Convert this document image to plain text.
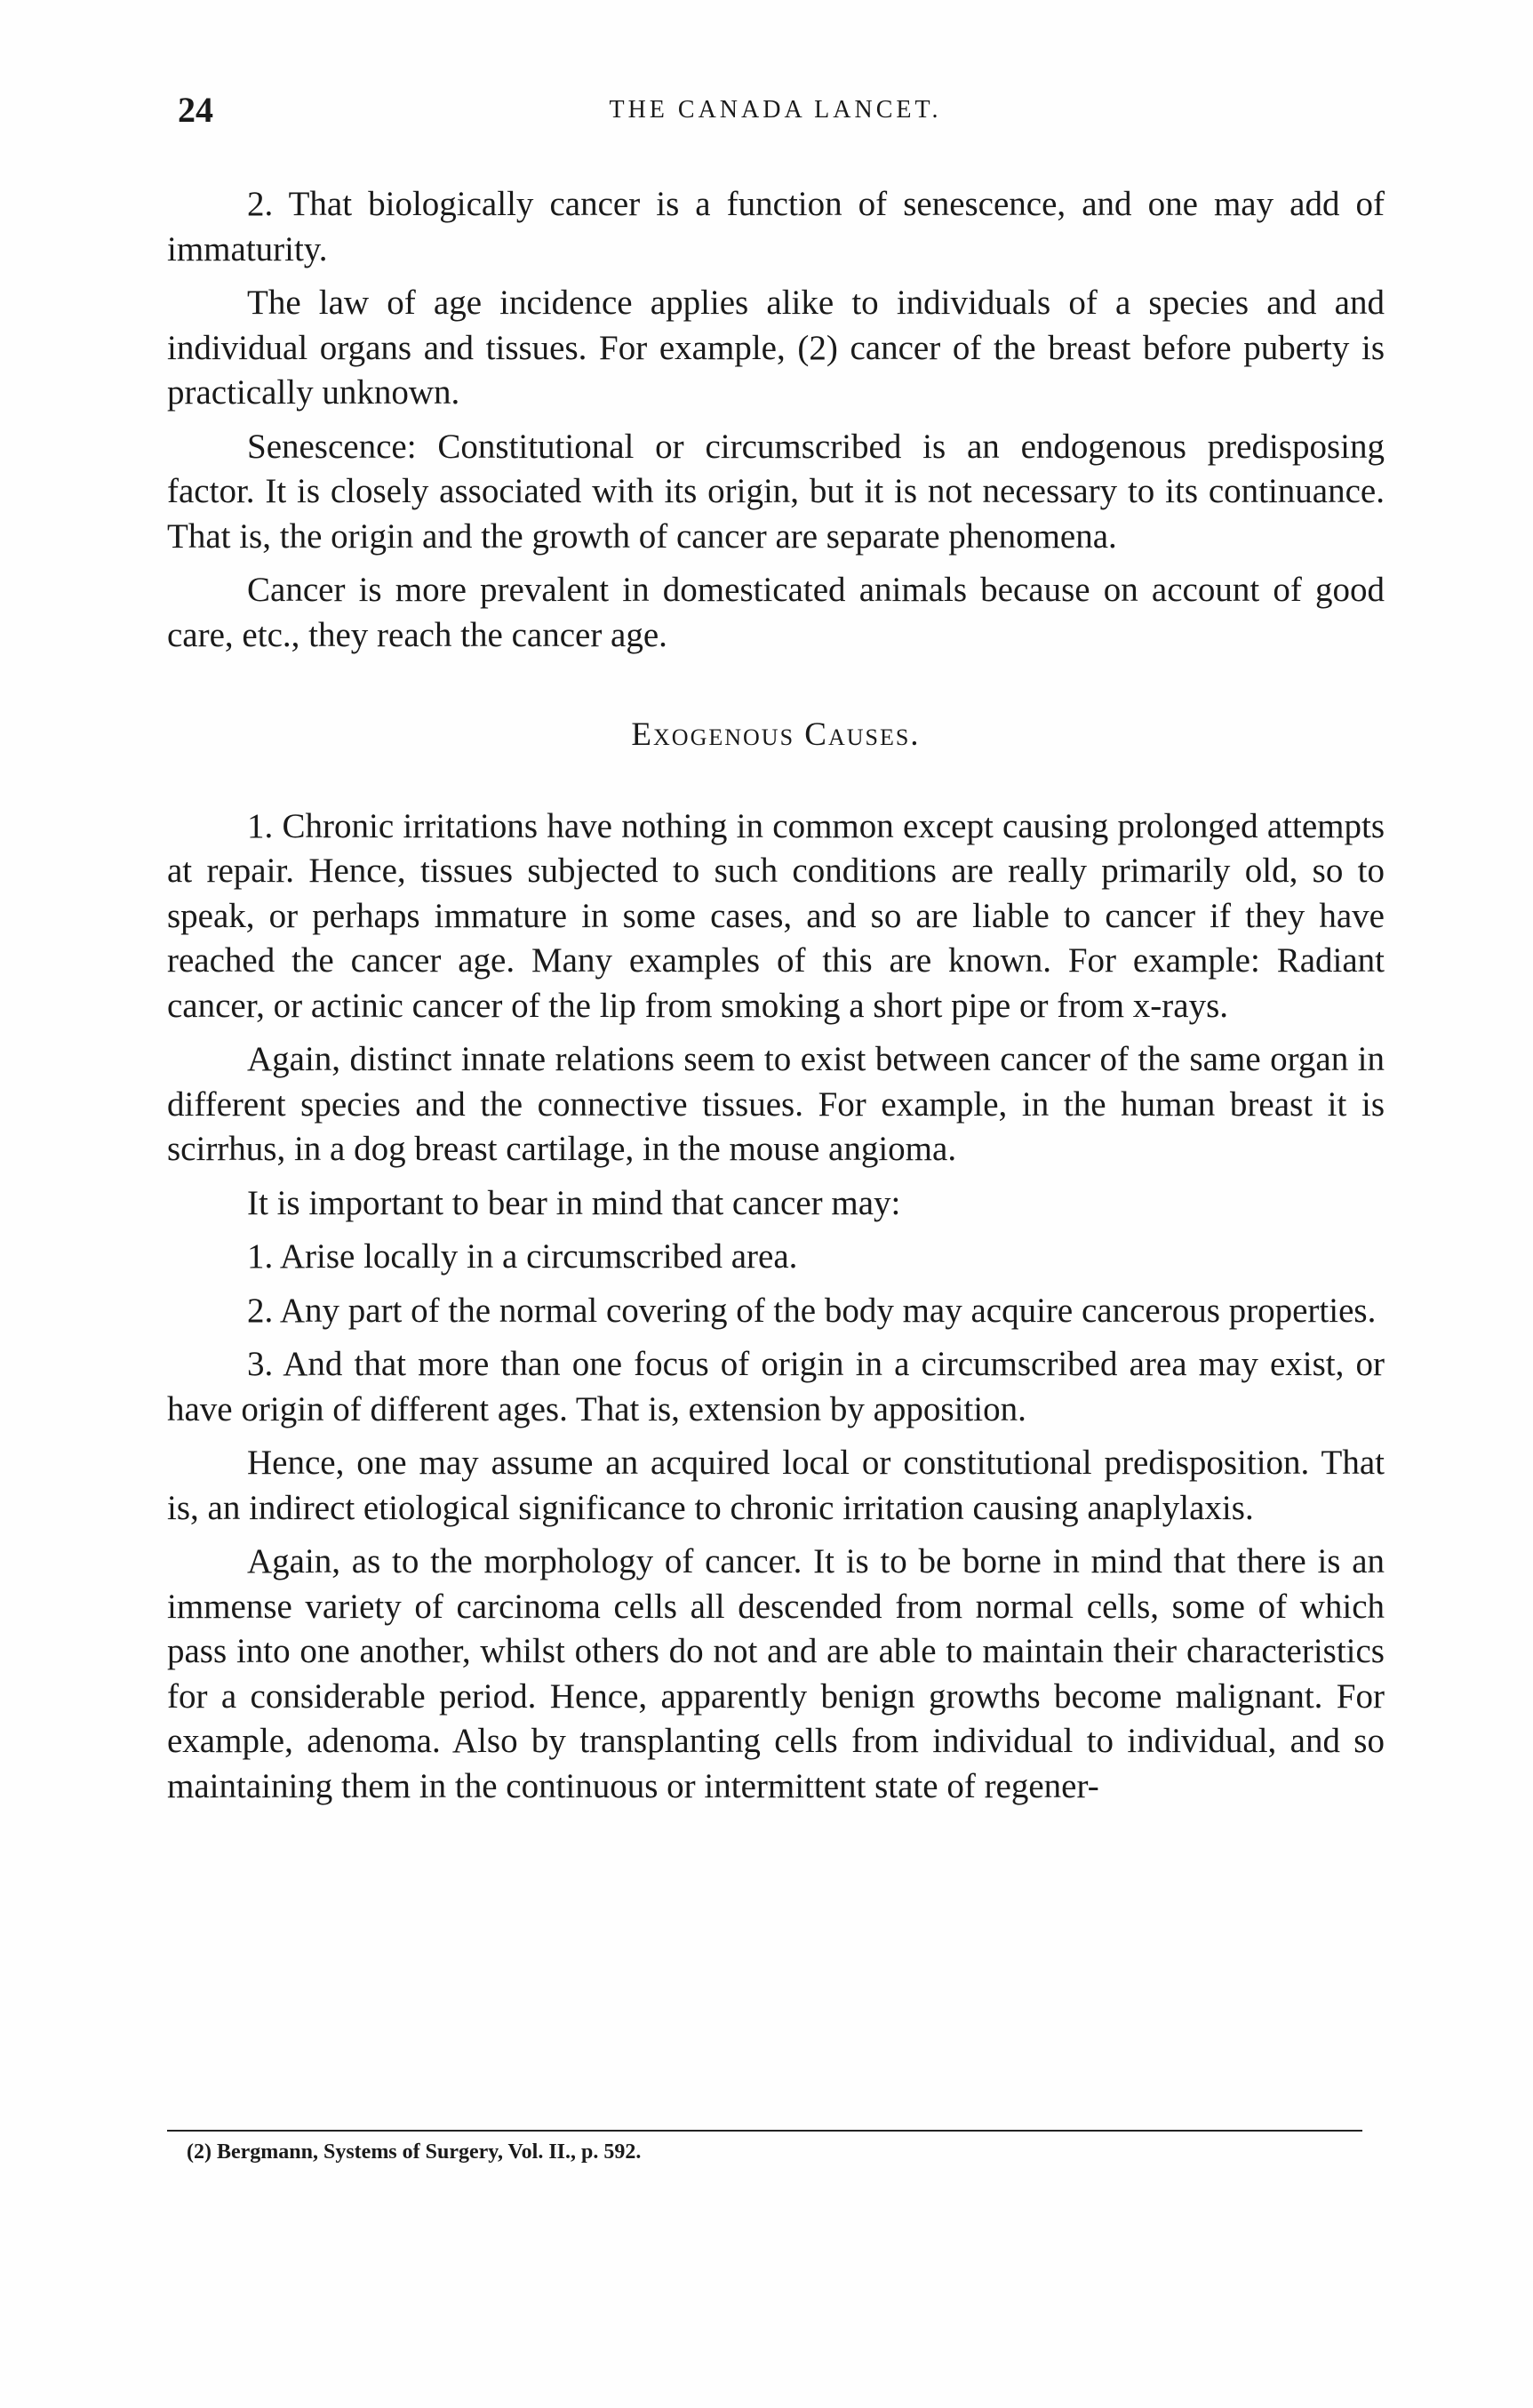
24	THE CANADA LANCET.

2. That biologically cancer is a function of senescence, and one may add of immaturity.

The law of age incidence applies alike to individuals of a species and and individual organs and tissues. For example, (2) cancer of the breast before puberty is practically unknown.

Senescence: Constitutional or circumscribed is an endogenous predisposing factor. It is closely associated with its origin, but it is not necessary to its continuance. That is, the origin and the growth of cancer are separate phenomena.

Cancer is more prevalent in domesticated animals because on account of good care, etc., they reach the cancer age.

Exogenous Causes.

1. Chronic irritations have nothing in common except causing prolonged attempts at repair. Hence, tissues subjected to such conditions are really primarily old, so to speak, or perhaps immature in some cases, and so are liable to cancer if they have reached the cancer age. Many examples of this are known. For example: Radiant cancer, or actinic cancer of the lip from smoking a short pipe or from x-rays.

Again, distinct innate relations seem to exist between cancer of the same organ in different species and the connective tissues. For example, in the human breast it is scirrhus, in a dog breast cartilage, in the mouse angioma.

It is important to bear in mind that cancer may:

1. Arise locally in a circumscribed area.

2. Any part of the normal covering of the body may acquire cancerous properties.

3. And that more than one focus of origin in a circumscribed area may exist, or have origin of different ages. That is, extension by apposition.

Hence, one may assume an acquired local or constitutional predisposition. That is, an indirect etiological significance to chronic irritation causing anaplylaxis.

Again, as to the morphology of cancer. It is to be borne in mind that there is an immense variety of carcinoma cells all descended from normal cells, some of which pass into one another, whilst others do not and are able to maintain their characteristics for a considerable period. Hence, apparently benign growths become malignant. For example, adenoma. Also by transplanting cells from individual to individual, and so maintaining them in the continuous or intermittent state of regener-

(2) Bergmann, Systems of Surgery, Vol. II., p. 592.
